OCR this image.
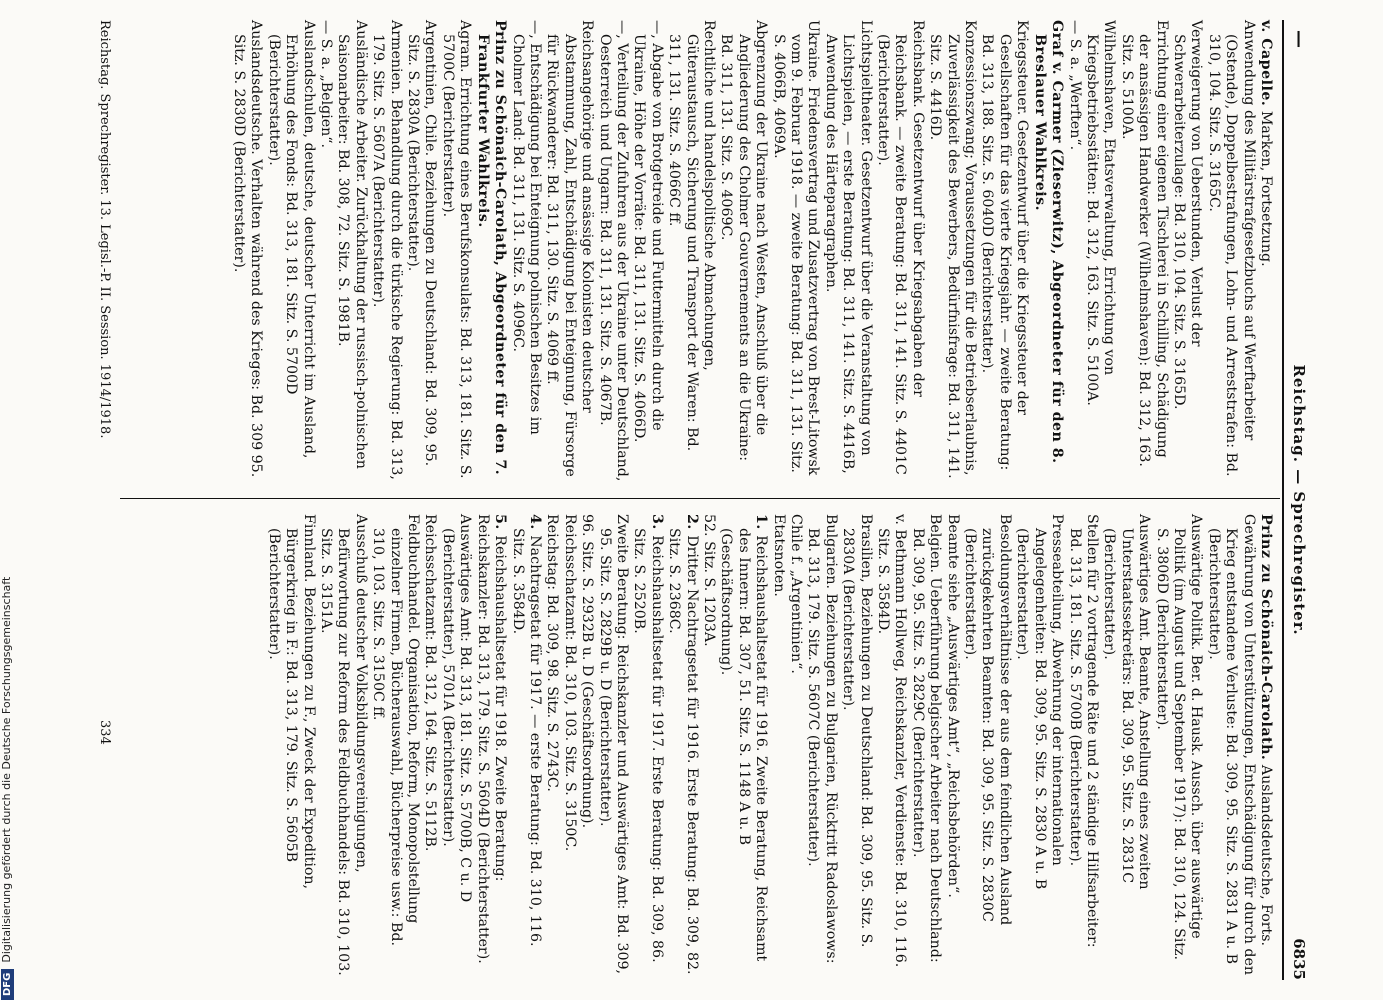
—
Reichstag. — Sprechregister.
6835

v. Capelle. Marken, Fortsetzung.

Anwendung des Militärstrafgesetzbuchs auf Werftarbeiter (Ostende), Doppelbestrafungen, Lohn- und Arreststrafen: Bd. 310, 104. Sitz. S. 3165C.

Verweigerung von Ueberstunden, Verlust der Schwerarbeiterzulage: Bd. 310, 104. Sitz. S. 3165D.

Errichtung einer eigenen Tischlerei in Schilling, Schädigung der ansässigen Handwerker (Wilhelmshaven): Bd. 312, 163. Sitz. S. 5100A.

Wilhelmshaven, Etatsverwaltung, Errichtung von Kriegsbetriebsstätten: Bd. 312, 163. Sitz. S. 5100A.

— S. a. „Werften“.

Graf v. Carmer (Zieserwitz), Abgeordneter für den 8. Breslauer Wahlkreis.

Kriegssteuer. Gesetzentwurf über die Kriegssteuer der Gesellschaften für das vierte Kriegsjahr. — zweite Beratung: Bd. 313, 188. Sitz. S. 6040D (Berichterstatter).

Konzessionszwang; Voraussetzungen für die Betriebserlaubnis, Zuverlässigkeit des Bewerbers, Bedürfnisfrage: Bd. 311, 141. Sitz. S. 4416D.

Reichsbank. Gesetzentwurf über Kriegsabgaben der Reichsbank. — zweite Beratung: Bd. 311, 141. Sitz. S. 4401C (Berichterstatter).

Lichtspieltheater. Gesetzentwurf über die Veranstaltung von Lichtspielen, — erste Beratung: Bd. 311, 141. Sitz. S. 4416B, Anwendung des Härteparagraphen.

Ukraine. Friedensvertrag und Zusatzvertrag von Brest-Litowsk vom 9. Februar 1918. — zweite Beratung: Bd. 311, 131. Sitz. S. 4066B, 4069A.

Abgrenzung der Ukraine nach Westen, Anschluß über die Angliederung des Cholmer Gouvernements an die Ukraine: Bd. 311, 131. Sitz. S. 4069C.

Rechtliche und handelspolitische Abmachungen, Güteraustausch, Sicherung und Transport der Waren: Bd. 311, 131. Sitz. S. 4066C ff.

—, Abgabe von Brotgetreide und Futtermitteln durch die Ukraine, Höhe der Vorräte: Bd. 311, 131. Sitz. S. 4066D.

—, Verteilung der Zufuhren aus der Ukraine unter Deutschland, Oesterreich und Ungarn: Bd. 311, 131. Sitz. S. 4067B.

Reichsangehörige und ansässige Kolonisten deutscher Abstammung, Zahl, Entschädigung bei Enteignung, Fürsorge für Rückwanderer: Bd. 311, 130. Sitz. S. 4069 ff.

—, Entschädigung bei Enteignung polnischen Besitzes im Cholmer Land: Bd. 311, 131. Sitz. S. 4096C.

Prinz zu Schönaich-Carolath, Abgeordneter für den 7. Frankfurter Wahlkreis.

Agram. Errichtung eines Berufskonsulats: Bd. 313, 181. Sitz. S. 5700C (Berichterstatter).

Argentinien, Chile. Beziehungen zu Deutschland: Bd. 309, 95. Sitz. S. 2830A (Berichterstatter).

Armenien. Behandlung durch die türkische Regierung: Bd. 313, 179. Sitz. S. 5607A (Berichterstatter).

Ausländische Arbeiter. Zurückhaltung der russisch-polnischen Saisonarbeiter: Bd. 308, 72. Sitz. S. 1981B.

— S. a. „Belgien“.

Auslandschulen, deutsche, deutscher Unterricht im Ausland, Erhöhung des Fonds: Bd. 313, 181. Sitz. S. 5700D (Berichterstatter).

Auslandsdeutsche. Verhalten während des Krieges: Bd. 309 95. Sitz. S. 2830D (Berichterstatter).

Prinz zu Schönaich-Carolath. Auslandsdeutsche, Forts.

Gewährung von Unterstützungen, Entschädigung für durch den Krieg entstandene Verluste: Bd. 309, 95. Sitz. S. 2831 A u. B (Berichterstatter).

Auswärtige Politik. Ber. d. Hausk. Aussch. über auswärtige Politik (im August und September 1917): Bd. 310, 124. Sitz. S. 3806D (Berichterstatter).

Auswärtiges Amt. Beamte, Anstellung eines zweiten Unterstaatssekretärs: Bd. 309, 95. Sitz. S. 2831C (Berichterstatter).

Stellen für 2 vortragende Räte und 2 ständige Hilfsarbeiter: Bd. 313, 181. Sitz. S. 5700B (Berichterstatter).

Presseabteilung, Abwehrung der internationalen Angelegenheiten: Bd. 309, 95. Sitz. S. 2830 A u. B (Berichterstatter).

Besoldungsverhältnisse der aus dem feindlichen Ausland zurückgekehrten Beamten: Bd. 309, 95. Sitz. S. 2830C (Berichterstatter).

Beamte siehe „Auswärtiges Amt“, „Reichsbehörden“.

Belgien. Ueberführung belgischer Arbeiter nach Deutschland: Bd. 309, 95. Sitz. S. 2829C (Berichterstatter).

v. Bethmann Hollweg, Reichskanzler, Verdienste: Bd. 310, 116. Sitz. S. 3584D.

Brasilien, Beziehungen zu Deutschland: Bd. 309, 95. Sitz. S. 2830A (Berichterstatter).

Bulgarien. Beziehungen zu Bulgarien, Rücktritt Radoslawows: Bd. 313, 179. Sitz. S. 5607C (Berichterstatter).

Chile f. „Argentinien“.

Etatsnoten.

1. Reichshaushaltsetat für 1916. Zweite Beratung, Reichsamt des Innern: Bd. 307, 51. Sitz. S. 1148 A u. B (Geschäftsordnung).

52. Sitz. S. 1203A.

2. Dritter Nachtragsetat für 1916. Erste Beratung: Bd. 309, 82. Sitz. S. 2368C.

3. Reichshaushaltsetat für 1917. Erste Beratung: Bd. 309, 86. Sitz. S. 2520B.

Zweite Beratung: Reichskanzler und Auswärtiges Amt: Bd. 309, 95. Sitz. S. 2829B u. D (Berichterstatter).

96. Sitz. S. 2932B u. D (Geschäftsordnung).

Reichsschatzamt: Bd. 310, 103. Sitz. S. 3150C.

Reichstag: Bd. 309, 98. Sitz. S. 2743C.

4. Nachtragsetat für 1917. — erste Beratung: Bd. 310, 116. Sitz. S. 3584D.

5. Reichshaushaltsetat für 1918. Zweite Beratung:

Reichskanzler: Bd. 313, 179. Sitz. S. 5604D (Berichterstatter).

Auswärtiges Amt: Bd. 313, 181. Sitz. S. 5700B, C u. D (Berichterstatter), 5701A (Berichterstatter).

Reichsschatzamt: Bd. 312, 164. Sitz. S. 5112B.

Feldbuchhandel. Organisation, Reform, Monopolstellung einzelner Firmen, Bücherauswahl, Bücherpreise usw.: Bd. 310, 103. Sitz. S. 3150C ff.

Ausschuß deutscher Volksbildungsvereinigungen, Befürwortung zur Reform des Feldbuchhandels: Bd. 310, 103. Sitz. S. 3151A.

Finnland. Beziehungen zu F., Zweck der Expedition, Bürgerkrieg in F.: Bd. 313, 179. Sitz. S. 5605B (Berichterstatter).

Reichstag. Sprechregister. 13. Legisl.-P. II. Session. 1914/1918.
334
DFGDigitalisierung gefördert durch die Deutsche Forschungsgemeinschaft
